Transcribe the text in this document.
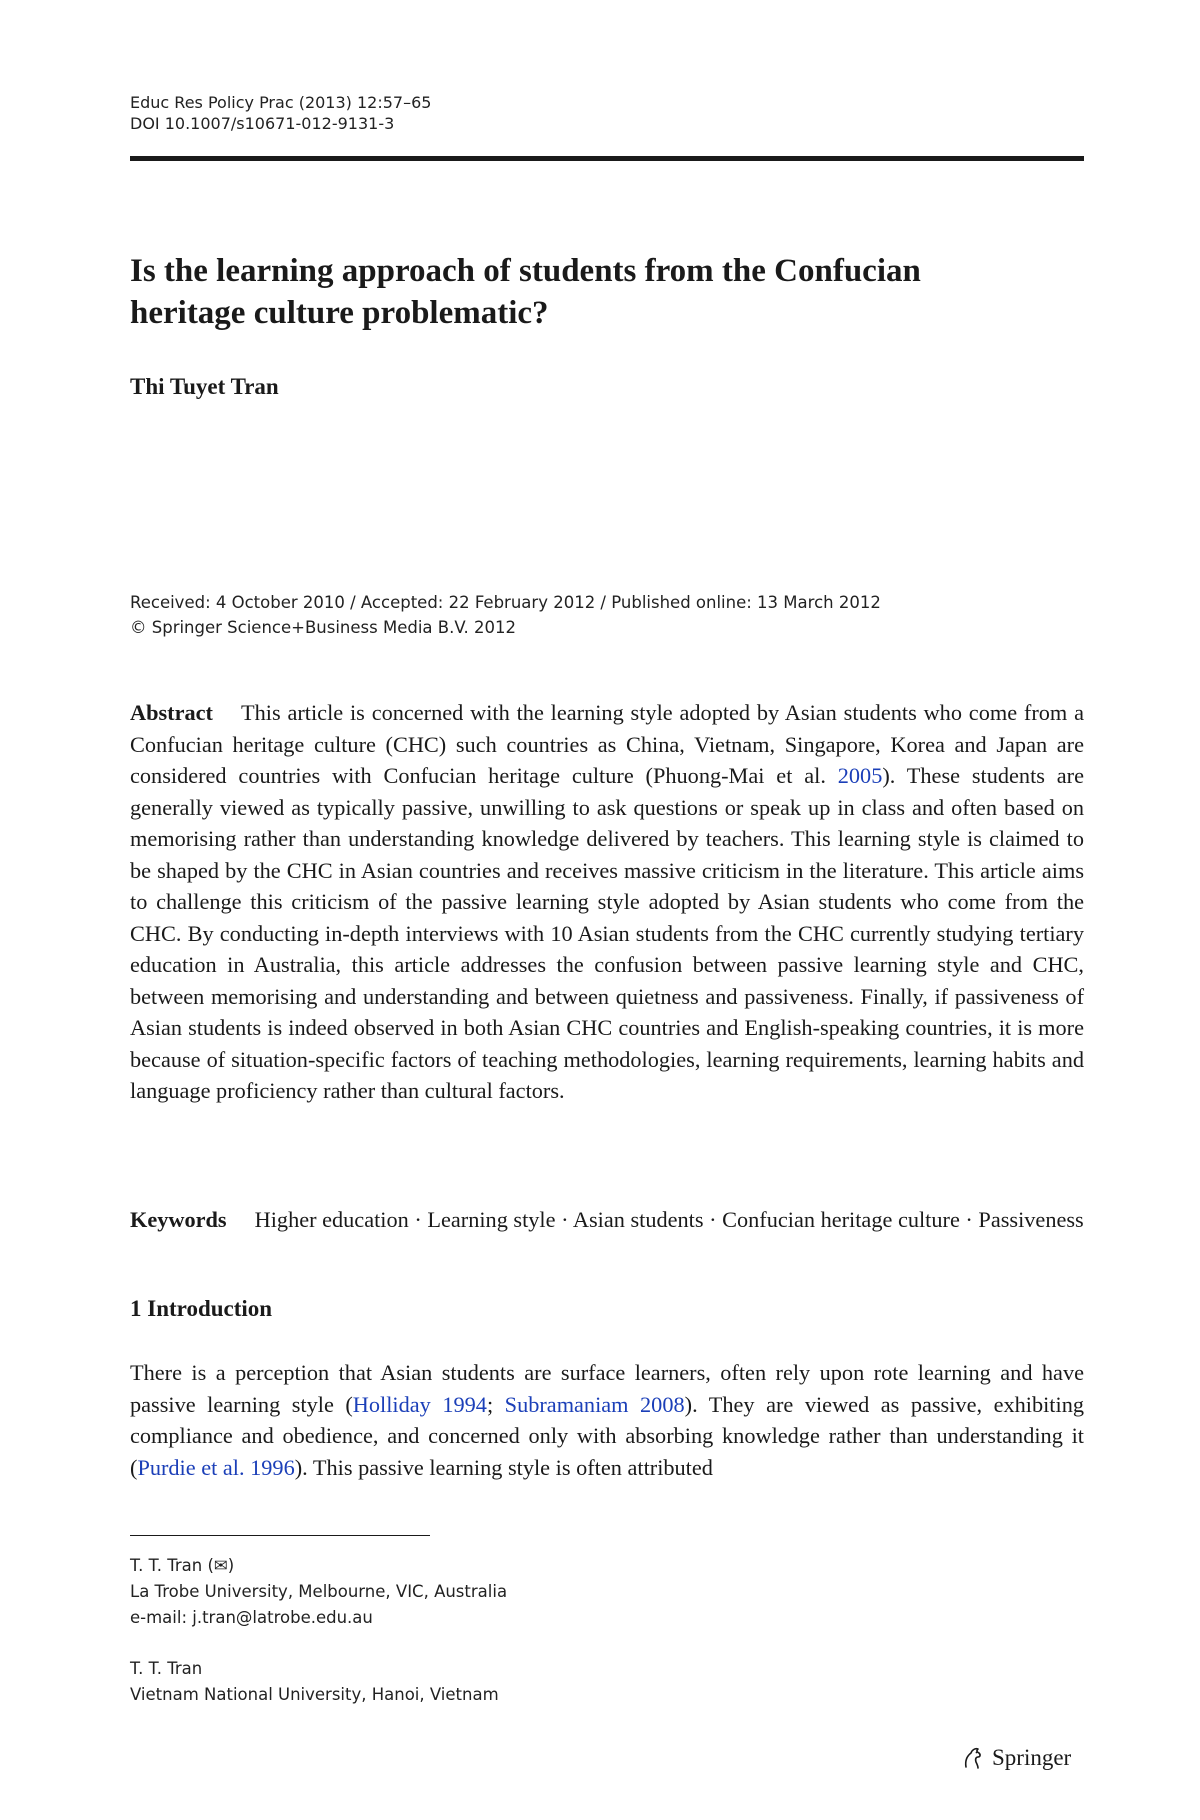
Educ Res Policy Prac (2013) 12:57–65
DOI 10.1007/s10671-012-9131-3
Is the learning approach of students from the Confucian
heritage culture problematic?
Thi Tuyet Tran
Received: 4 October 2010 / Accepted: 22 February 2012 / Published online: 13 March 2012
© Springer Science+Business Media B.V. 2012
Abstract This article is concerned with the learning style adopted by Asian students who come from a Confucian heritage culture (CHC) such countries as China, Vietnam, Singapore, Korea and Japan are considered countries with Confucian heritage culture (Phuong-Mai et al. 2005). These students are generally viewed as typically passive, unwilling to ask questions or speak up in class and often based on memorising rather than understanding knowledge delivered by teachers. This learning style is claimed to be shaped by the CHC in Asian countries and receives massive criticism in the literature. This article aims to challenge this criticism of the passive learning style adopted by Asian students who come from the CHC. By conducting in-depth interviews with 10 Asian students from the CHC currently studying tertiary education in Australia, this article addresses the confusion between passive learning style and CHC, between memorising and understanding and between quietness and passiveness. Finally, if passiveness of Asian students is indeed observed in both Asian CHC countries and English-speaking countries, it is more because of situation-specific factors of teaching methodologies, learning requirements, learning habits and language proficiency rather than cultural factors.
Keywords Higher education · Learning style · Asian students · Confucian heritage culture · Passiveness
1 Introduction
There is a perception that Asian students are surface learners, often rely upon rote learning and have passive learning style (Holliday 1994; Subramaniam 2008). They are viewed as passive, exhibiting compliance and obedience, and concerned only with absorbing knowledge rather than understanding it (Purdie et al. 1996). This passive learning style is often attributed
T. T. Tran (✉)
La Trobe University, Melbourne, VIC, Australia
e-mail: j.tran@latrobe.edu.au
T. T. Tran
Vietnam National University, Hanoi, Vietnam
Springer
